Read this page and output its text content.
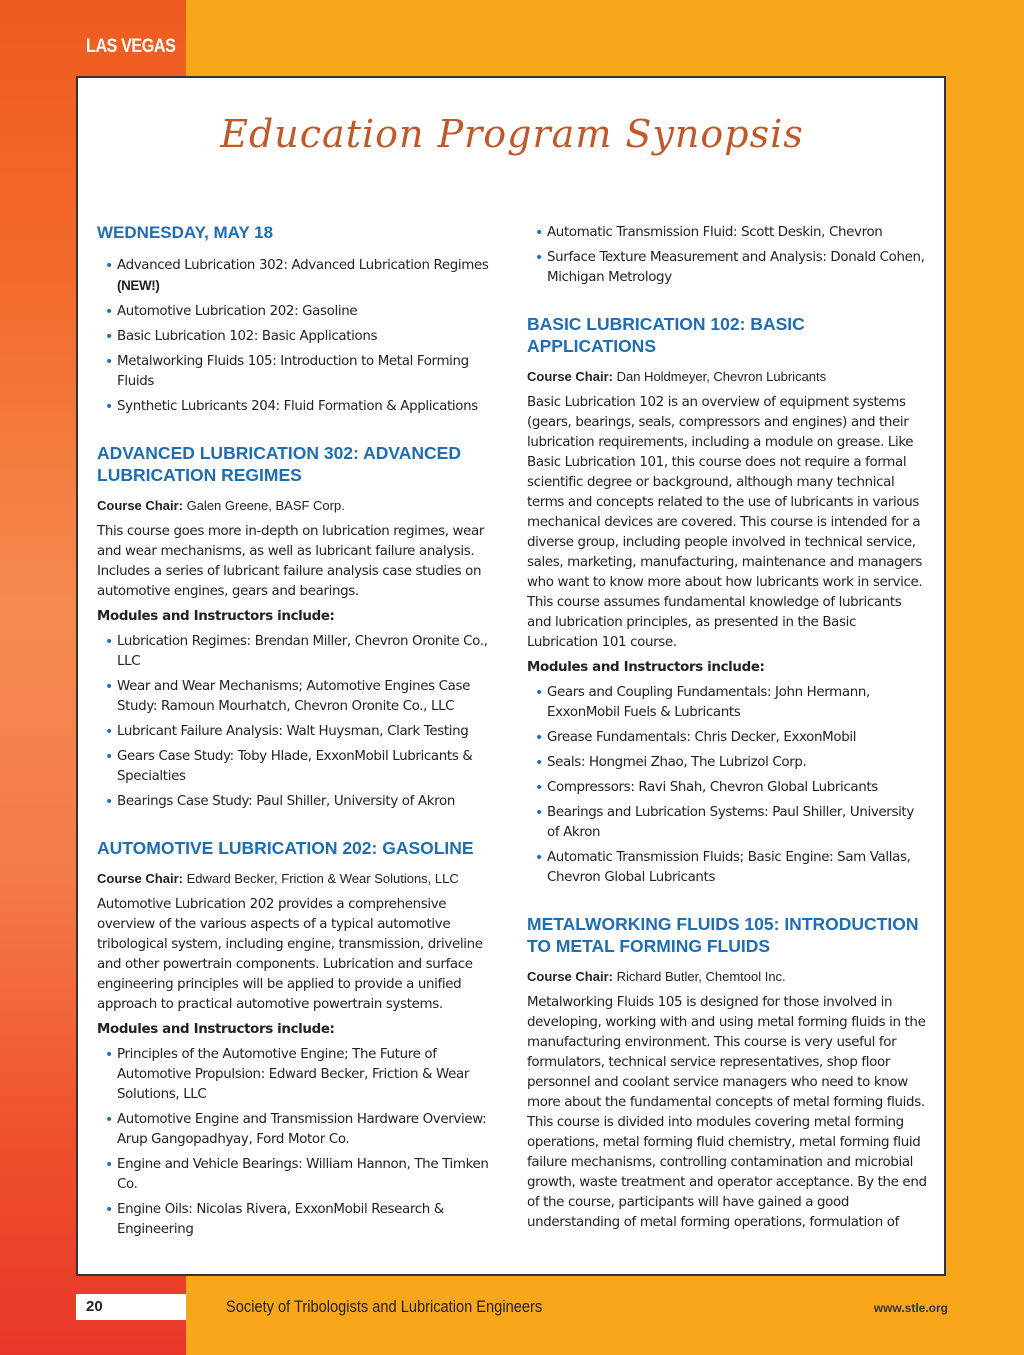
LAS VEGAS
Education Program Synopsis
WEDNESDAY, MAY 18
• Advanced Lubrication 302: Advanced Lubrication Regimes
(NEW!)
• Automotive Lubrication 202: Gasoline
• Basic Lubrication 102: Basic Applications
• Metalworking Fluids 105: Introduction to Metal Forming Fluids
• Synthetic Lubricants 204: Fluid Formation & Applications
ADVANCED LUBRICATION 302: ADVANCED LUBRICATION REGIMES
Course Chair: Galen Greene, BASF Corp.

This course goes more in-depth on lubrication regimes, wear and wear mechanisms, as well as lubricant failure analysis. Includes a series of lubricant failure analysis case studies on automotive engines, gears and bearings.

Modules and Instructors include:
• Lubrication Regimes: Brendan Miller, Chevron Oronite Co., LLC
• Wear and Wear Mechanisms; Automotive Engines Case Study: Ramoun Mourhatch, Chevron Oronite Co., LLC
• Lubricant Failure Analysis: Walt Huysman, Clark Testing
• Gears Case Study: Toby Hlade, ExxonMobil Lubricants & Specialties
• Bearings Case Study: Paul Shiller, University of Akron
AUTOMOTIVE LUBRICATION 202: GASOLINE
Course Chair: Edward Becker, Friction & Wear Solutions, LLC

Automotive Lubrication 202 provides a comprehensive overview of the various aspects of a typical automotive tribological system, including engine, transmission, driveline and other powertrain components. Lubrication and surface engineering principles will be applied to provide a unified approach to practical automotive powertrain systems.

Modules and Instructors include:
• Principles of the Automotive Engine; The Future of Automotive Propulsion: Edward Becker, Friction & Wear Solutions, LLC
• Automotive Engine and Transmission Hardware Overview: Arup Gangopadhyay, Ford Motor Co.
• Engine and Vehicle Bearings: William Hannon, The Timken Co.
• Engine Oils: Nicolas Rivera, ExxonMobil Research & Engineering
• Automatic Transmission Fluid: Scott Deskin, Chevron
• Surface Texture Measurement and Analysis: Donald Cohen, Michigan Metrology
BASIC LUBRICATION 102: BASIC APPLICATIONS
Course Chair: Dan Holdmeyer, Chevron Lubricants

Basic Lubrication 102 is an overview of equipment systems (gears, bearings, seals, compressors and engines) and their lubrication requirements, including a module on grease. Like Basic Lubrication 101, this course does not require a formal scientific degree or background, although many technical terms and concepts related to the use of lubricants in various mechanical devices are covered. This course is intended for a diverse group, including people involved in technical service, sales, marketing, manufacturing, maintenance and managers who want to know more about how lubricants work in service. This course assumes fundamental knowledge of lubricants and lubrication principles, as presented in the Basic Lubrication 101 course.

Modules and Instructors include:
• Gears and Coupling Fundamentals: John Hermann, ExxonMobil Fuels & Lubricants
• Grease Fundamentals: Chris Decker, ExxonMobil
• Seals: Hongmei Zhao, The Lubrizol Corp.
• Compressors: Ravi Shah, Chevron Global Lubricants
• Bearings and Lubrication Systems: Paul Shiller, University of Akron
• Automatic Transmission Fluids; Basic Engine: Sam Vallas, Chevron Global Lubricants
METALWORKING FLUIDS 105: INTRODUCTION TO METAL FORMING FLUIDS
Course Chair: Richard Butler, Chemtool Inc.

Metalworking Fluids 105 is designed for those involved in developing, working with and using metal forming fluids in the manufacturing environment. This course is very useful for formulators, technical service representatives, shop floor personnel and coolant service managers who need to know more about the fundamental concepts of metal forming fluids. This course is divided into modules covering metal forming operations, metal forming fluid chemistry, metal forming fluid failure mechanisms, controlling contamination and microbial growth, waste treatment and operator acceptance. By the end of the course, participants will have gained a good understanding of metal forming operations, formulation of

20	Society of Tribologists and Lubrication Engineers	www.stle.org
